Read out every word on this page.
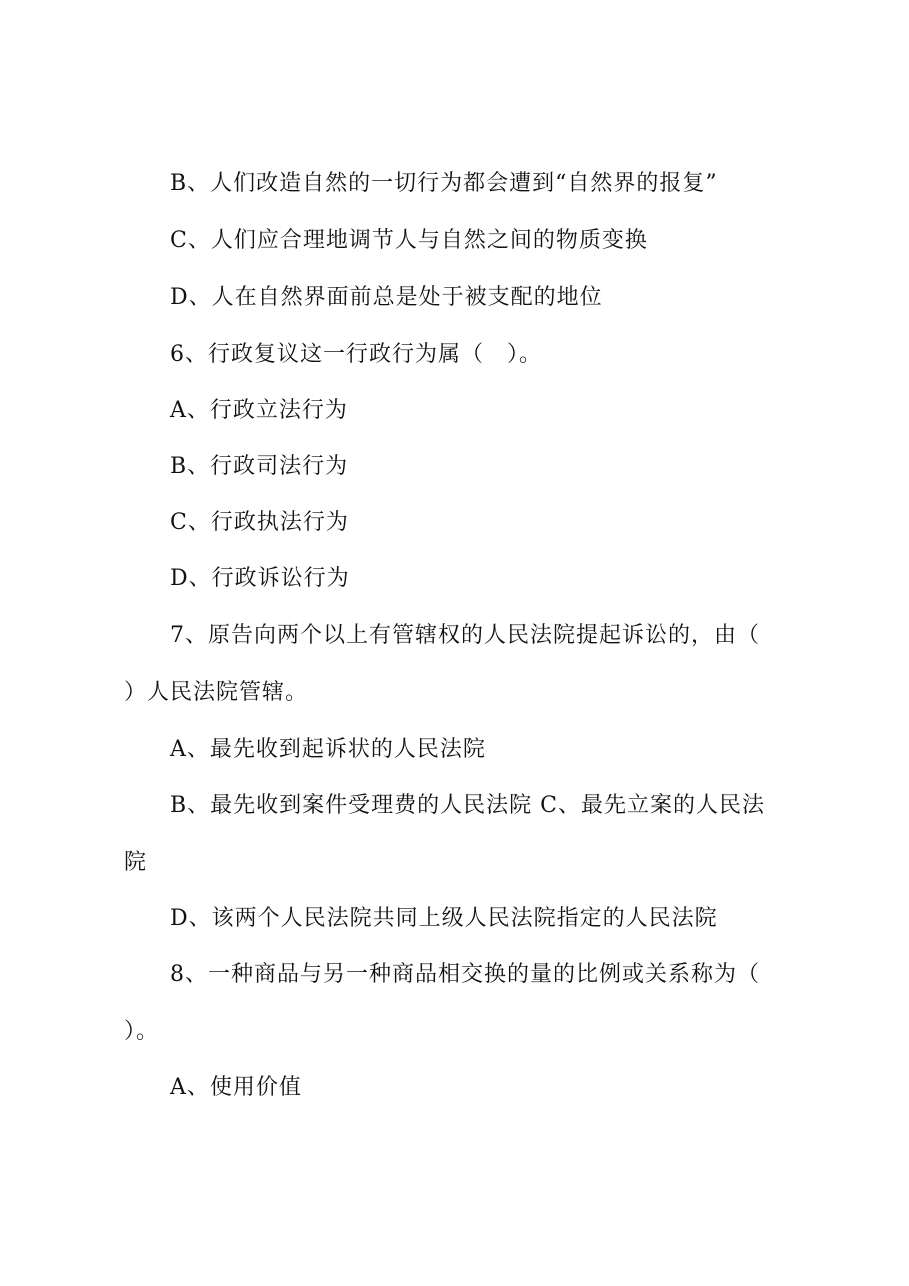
B、人们改造自然的一切行为都会遭到“自然界的报复”
C、人们应合理地调节人与自然之间的物质变换
D、人在自然界面前总是处于被支配的地位
6、行政复议这一行政行为属（　）。
A、行政立法行为
B、行政司法行为
C、行政执法行为
D、行政诉讼行为
7、原告向两个以上有管辖权的人民法院提起诉讼的，由（
）人民法院管辖。
A、最先收到起诉状的人民法院
B、最先收到案件受理费的人民法院 C、最先立案的人民法
院
D、该两个人民法院共同上级人民法院指定的人民法院
8、一种商品与另一种商品相交换的量的比例或关系称为（
）。
A、使用价值
